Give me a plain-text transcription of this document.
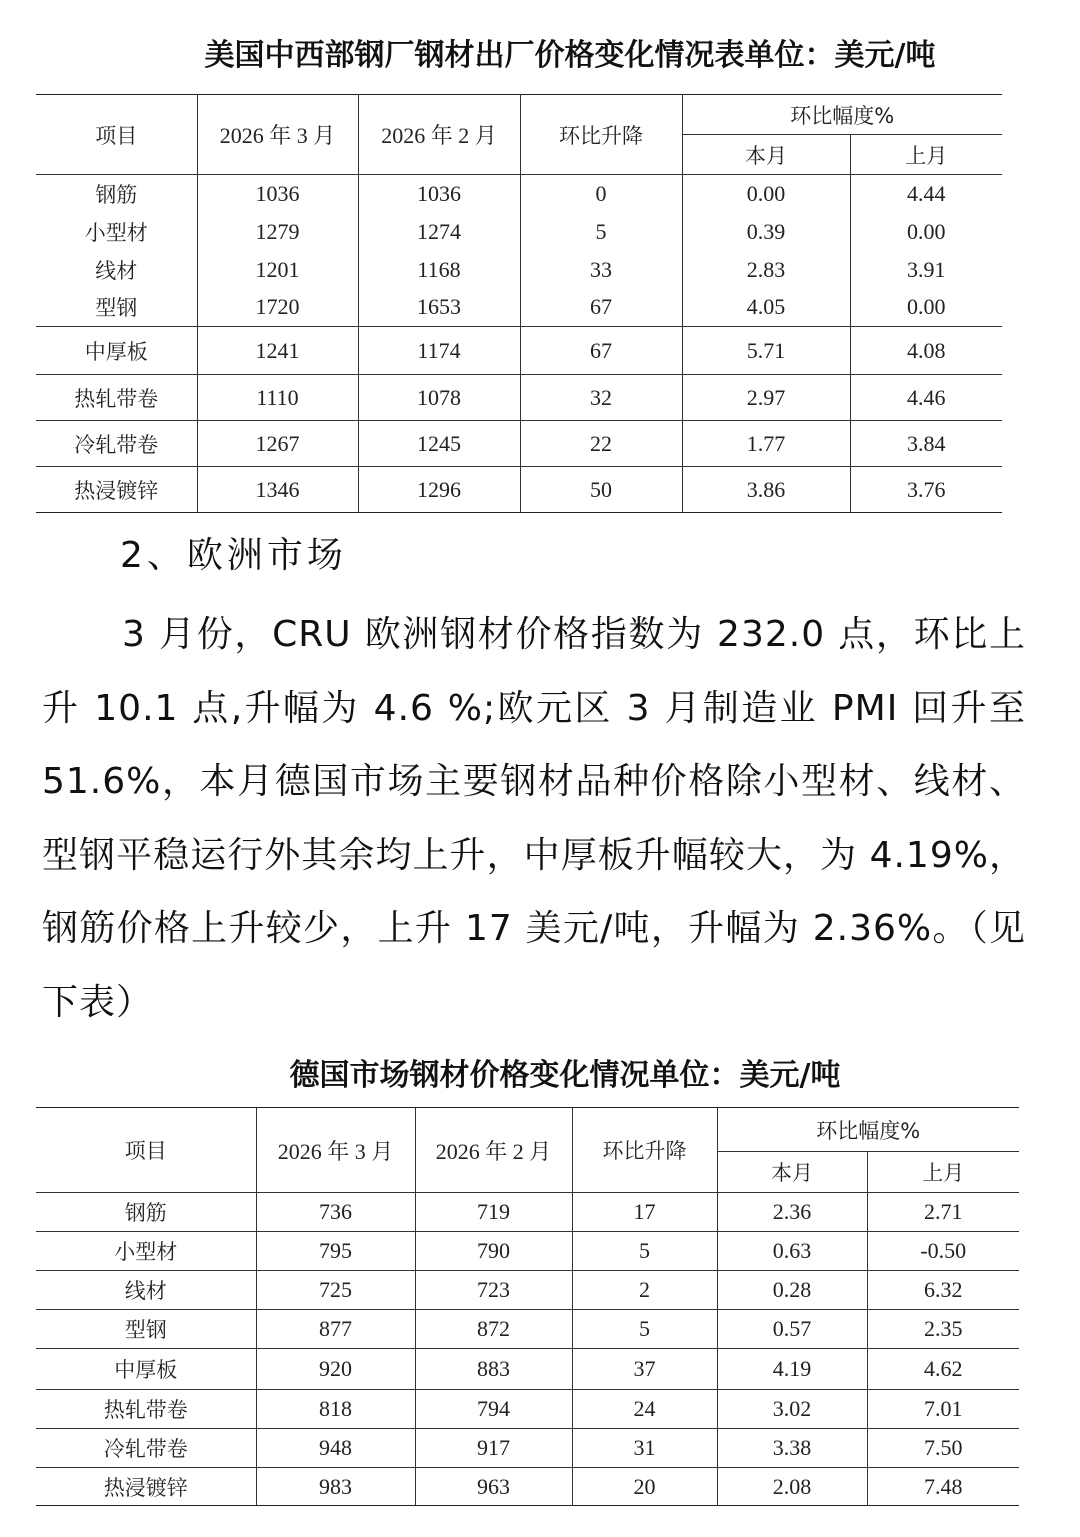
美国中西部钢厂钢材出厂价格变化情况表单位：美元/吨
项目	2026 年 3 月	2026 年 2 月	环比升降	环比幅度%	
				本月	上月
钢筋	1036	1036	0	0.00	4.44
小型材	1279	1274	5	0.39	0.00
线材	1201	1168	33	2.83	3.91
型钢	1720	1653	67	4.05	0.00
中厚板	1241	1174	67	5.71	4.08
热轧带卷	1110	1078	32	2.97	4.46
冷轧带卷	1267	1245	22	1.77	3.84
热浸镀锌	1346	1296	50	3.86	3.76
2、欧洲市场
3 月份，CRU 欧洲钢材价格指数为 232.0 点，环比上升 10.1 点,升幅为 4.6 %;欧元区 3 月制造业 PMI 回升至 51.6%，本月德国市场主要钢材品种价格除小型材、线材、型钢平稳运行外其余均上升，中厚板升幅较大，为 4.19%，钢筋价格上升较少，上升 17 美元/吨，升幅为 2.36%。（见下表）
德国市场钢材价格变化情况单位：美元/吨
项目	2026 年 3 月	2026 年 2 月	环比升降	环比幅度%	
				本月	上月
钢筋	736	719	17	2.36	2.71
小型材	795	790	5	0.63	-0.50
线材	725	723	2	0.28	6.32
型钢	877	872	5	0.57	2.35
中厚板	920	883	37	4.19	4.62
热轧带卷	818	794	24	3.02	7.01
冷轧带卷	948	917	31	3.38	7.50
热浸镀锌	983	963	20	2.08	7.48
